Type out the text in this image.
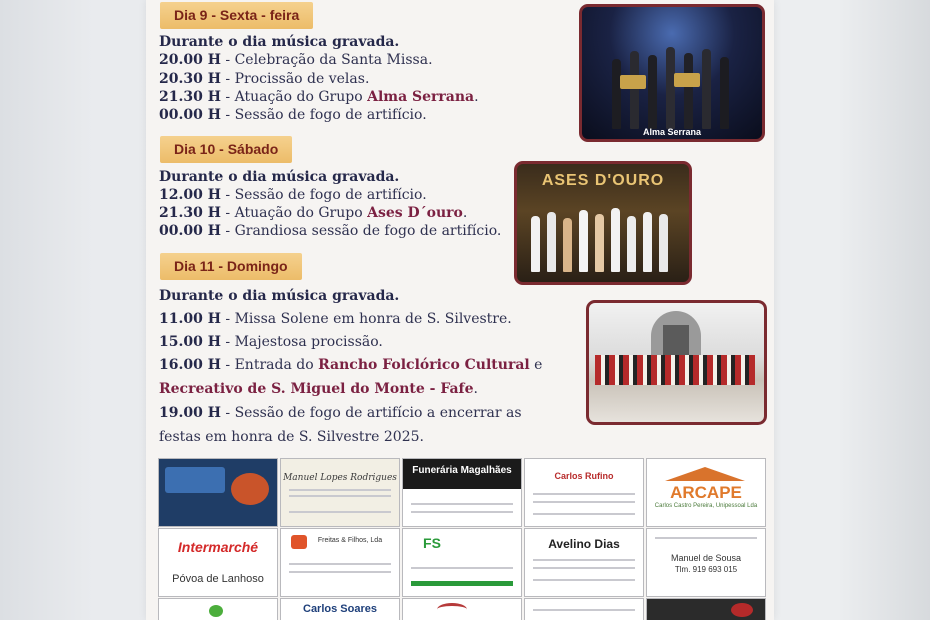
Dia 9 - Sexta - feira
Durante o dia música gravada.
20.00 H - Celebração da Santa Missa.
20.30 H - Procissão de velas.
21.30 H - Atuação do Grupo Alma Serrana.
00.00 H - Sessão de fogo de artifício.
Dia 10 - Sábado
Durante o dia música gravada.
12.00 H - Sessão de fogo de artifício.
21.30 H - Atuação do Grupo Ases D´ouro.
00.00 H - Grandiosa sessão de fogo de artifício.
Dia 11 - Domingo
Durante o dia música gravada.
11.00 H - Missa Solene em honra de S. Silvestre.
15.00 H - Majestosa procissão.
16.00 H - Entrada do Rancho Folclórico Cultural e
Recreativo de S. Miguel do Monte - Fafe.
19.00 H - Sessão de fogo de artifício a encerrar as
festas em honra de S. Silvestre 2025.
Alma Serrana
ASES D'OURO
Manuel Lopes Rodrigues
Funerária Magalhães	Carlos Rufino
ARCAPE
Carlos Castro Pereira, Unipessoal Lda
Intermarché
Póvoa de Lanhoso
Freitas & Filhos, Lda	FS	Avelino Dias
Manuel de Sousa
Tlm. 919 693 015
Carlos Soares
